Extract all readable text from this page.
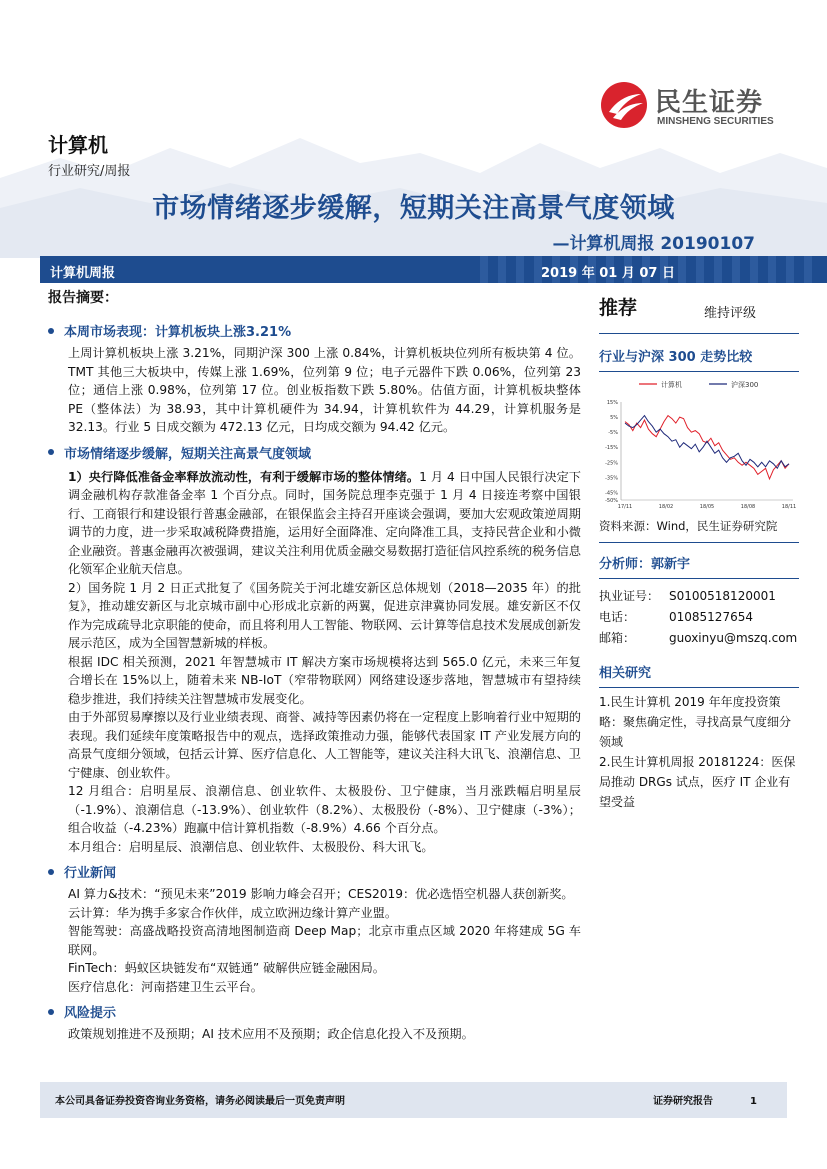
民生证券
MINSHENG SECURITIES
计算机
行业研究/周报
市场情绪逐步缓解，短期关注高景气度领域
—计算机周报 20190107
计算机周报	2019 年 01 月 07 日
报告摘要：
本周市场表现：计算机板块上涨3.21%

上周计算机板块上涨 3.21%，同期沪深 300 上涨 0.84%，计算机板块位列所有板块第 4 位。TMT 其他三大板块中，传媒上涨 1.69%，位列第 9 位；电子元器件下跌 0.06%，位列第 23 位；通信上涨 0.98%，位列第 17 位。创业板指数下跌 5.80%。估值方面，计算机板块整体 PE（整体法）为 38.93，其中计算机硬件为 34.94，计算机软件为 44.29，计算机服务是 32.13。行业 5 日成交额为 472.13 亿元，日均成交额为 94.42 亿元。

市场情绪逐步缓解，短期关注高景气度领域

1）央行降低准备金率释放流动性，有利于缓解市场的整体情绪。1 月 4 日中国人民银行决定下调金融机构存款准备金率 1 个百分点。同时，国务院总理李克强于 1 月 4 日接连考察中国银行、工商银行和建设银行普惠金融部，在银保监会主持召开座谈会强调，要加大宏观政策逆周期调节的力度，进一步采取减税降费措施，运用好全面降准、定向降准工具，支持民营企业和小微企业融资。普惠金融再次被强调，建议关注利用优质金融交易数据打造征信风控系统的税务信息化领军企业航天信息。

2）国务院 1 月 2 日正式批复了《国务院关于河北雄安新区总体规划（2018—2035 年）的批复》，推动雄安新区与北京城市副中心形成北京新的两翼，促进京津冀协同发展。雄安新区不仅作为完成疏导北京职能的使命，而且将利用人工智能、物联网、云计算等信息技术发展成创新发展示范区，成为全国智慧新城的样板。

根据 IDC 相关预测，2021 年智慧城市 IT 解决方案市场规模将达到 565.0 亿元，未来三年复合增长在 15%以上，随着未来 NB-IoT（窄带物联网）网络建设逐步落地，智慧城市有望持续稳步推进，我们持续关注智慧城市发展变化。

由于外部贸易摩擦以及行业业绩表现、商誉、减持等因素仍将在一定程度上影响着行业中短期的表现。我们延续年度策略报告中的观点，选择政策推动力强，能够代表国家 IT 产业发展方向的高景气度细分领域，包括云计算、医疗信息化、人工智能等，建议关注科大讯飞、浪潮信息、卫宁健康、创业软件。

12 月组合：启明星辰、浪潮信息、创业软件、太极股份、卫宁健康，当月涨跌幅启明星辰（-1.9%）、浪潮信息（-13.9%）、创业软件（8.2%）、太极股份（-8%）、卫宁健康（-3%）；组合收益（-4.23%）跑赢中信计算机指数（-8.9%）4.66 个百分点。

本月组合：启明星辰、浪潮信息、创业软件、太极股份、科大讯飞。

行业新闻

AI 算力&技术：“预见未来”2019 影响力峰会召开；CES2019：优必选悟空机器人获创新奖。

云计算：华为携手多家合作伙伴，成立欧洲边缘计算产业盟。

智能驾驶：高盛战略投资高清地图制造商 Deep Map；北京市重点区域 2020 年将建成 5G 车联网。

FinTech：蚂蚁区块链发布“双链通” 破解供应链金融困局。

医疗信息化：河南搭建卫生云平台。

风险提示

政策规划推进不及预期；AI 技术应用不及预期；政企信息化投入不及预期。

推荐	维持评级
行业与沪深 300 走势比较
计算机	沪深300
15%
5%
-5%
-15%
-25%
-35%
-45%
-50%
17/11	18/02	18/05	18/08	18/11
资料来源：Wind，民生证券研究院
分析师：郭新宇
执业证号：	S0100518120001
电话：	01085127654
邮箱：	guoxinyu@mszq.com
相关研究

1.民生计算机 2019 年年度投资策略：聚焦确定性，寻找高景气度细分领域

2.民生计算机周报 20181224：医保局推动 DRGs 试点，医疗 IT 企业有望受益

本公司具备证券投资咨询业务资格，请务必阅读最后一页免责声明	证券研究报告	1
